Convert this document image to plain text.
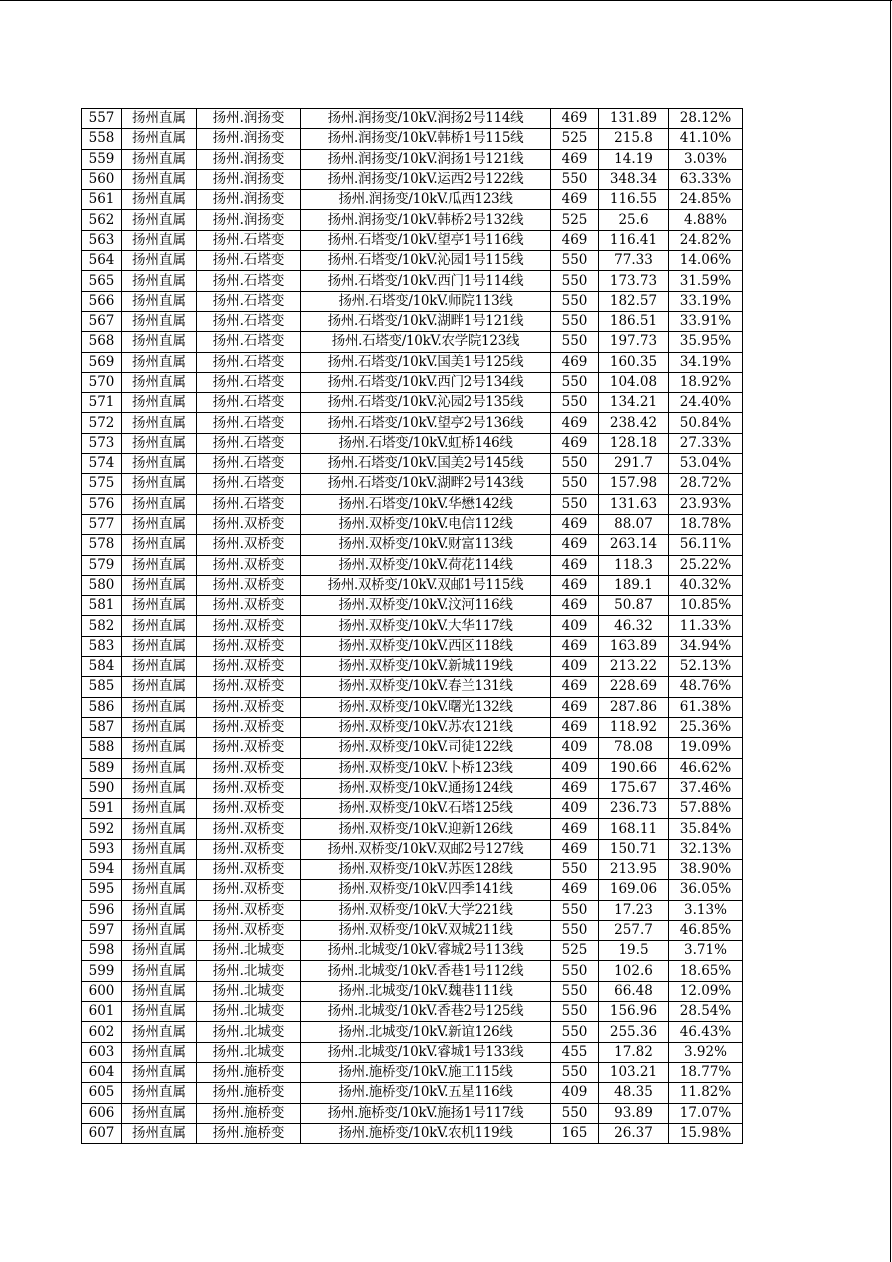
557	扬州直属	扬州.润扬变	扬州.润扬变/10kV.润扬2号114线	469	131.89	28.12%
558	扬州直属	扬州.润扬变	扬州.润扬变/10kV.韩桥1号115线	525	215.8	41.10%
559	扬州直属	扬州.润扬变	扬州.润扬变/10kV.润扬1号121线	469	14.19	3.03%
560	扬州直属	扬州.润扬变	扬州.润扬变/10kV.运西2号122线	550	348.34	63.33%
561	扬州直属	扬州.润扬变	扬州.润扬变/10kV.瓜西123线	469	116.55	24.85%
562	扬州直属	扬州.润扬变	扬州.润扬变/10kV.韩桥2号132线	525	25.6	4.88%
563	扬州直属	扬州.石塔变	扬州.石塔变/10kV.望亭1号116线	469	116.41	24.82%
564	扬州直属	扬州.石塔变	扬州.石塔变/10kV.沁园1号115线	550	77.33	14.06%
565	扬州直属	扬州.石塔变	扬州.石塔变/10kV.西门1号114线	550	173.73	31.59%
566	扬州直属	扬州.石塔变	扬州.石塔变/10kV.师院113线	550	182.57	33.19%
567	扬州直属	扬州.石塔变	扬州.石塔变/10kV.湖畔1号121线	550	186.51	33.91%
568	扬州直属	扬州.石塔变	扬州.石塔变/10kV.农学院123线	550	197.73	35.95%
569	扬州直属	扬州.石塔变	扬州.石塔变/10kV.国美1号125线	469	160.35	34.19%
570	扬州直属	扬州.石塔变	扬州.石塔变/10kV.西门2号134线	550	104.08	18.92%
571	扬州直属	扬州.石塔变	扬州.石塔变/10kV.沁园2号135线	550	134.21	24.40%
572	扬州直属	扬州.石塔变	扬州.石塔变/10kV.望亭2号136线	469	238.42	50.84%
573	扬州直属	扬州.石塔变	扬州.石塔变/10kV.虹桥146线	469	128.18	27.33%
574	扬州直属	扬州.石塔变	扬州.石塔变/10kV.国美2号145线	550	291.7	53.04%
575	扬州直属	扬州.石塔变	扬州.石塔变/10kV.湖畔2号143线	550	157.98	28.72%
576	扬州直属	扬州.石塔变	扬州.石塔变/10kV.华懋142线	550	131.63	23.93%
577	扬州直属	扬州.双桥变	扬州.双桥变/10kV.电信112线	469	88.07	18.78%
578	扬州直属	扬州.双桥变	扬州.双桥变/10kV.财富113线	469	263.14	56.11%
579	扬州直属	扬州.双桥变	扬州.双桥变/10kV.荷花114线	469	118.3	25.22%
580	扬州直属	扬州.双桥变	扬州.双桥变/10kV.双邮1号115线	469	189.1	40.32%
581	扬州直属	扬州.双桥变	扬州.双桥变/10kV.汶河116线	469	50.87	10.85%
582	扬州直属	扬州.双桥变	扬州.双桥变/10kV.大华117线	409	46.32	11.33%
583	扬州直属	扬州.双桥变	扬州.双桥变/10kV.西区118线	469	163.89	34.94%
584	扬州直属	扬州.双桥变	扬州.双桥变/10kV.新城119线	409	213.22	52.13%
585	扬州直属	扬州.双桥变	扬州.双桥变/10kV.春兰131线	469	228.69	48.76%
586	扬州直属	扬州.双桥变	扬州.双桥变/10kV.曙光132线	469	287.86	61.38%
587	扬州直属	扬州.双桥变	扬州.双桥变/10kV.苏农121线	469	118.92	25.36%
588	扬州直属	扬州.双桥变	扬州.双桥变/10kV.司徒122线	409	78.08	19.09%
589	扬州直属	扬州.双桥变	扬州.双桥变/10kV.卜桥123线	409	190.66	46.62%
590	扬州直属	扬州.双桥变	扬州.双桥变/10kV.通扬124线	469	175.67	37.46%
591	扬州直属	扬州.双桥变	扬州.双桥变/10kV.石塔125线	409	236.73	57.88%
592	扬州直属	扬州.双桥变	扬州.双桥变/10kV.迎新126线	469	168.11	35.84%
593	扬州直属	扬州.双桥变	扬州.双桥变/10kV.双邮2号127线	469	150.71	32.13%
594	扬州直属	扬州.双桥变	扬州.双桥变/10kV.苏医128线	550	213.95	38.90%
595	扬州直属	扬州.双桥变	扬州.双桥变/10kV.四季141线	469	169.06	36.05%
596	扬州直属	扬州.双桥变	扬州.双桥变/10kV.大学221线	550	17.23	3.13%
597	扬州直属	扬州.双桥变	扬州.双桥变/10kV.双城211线	550	257.7	46.85%
598	扬州直属	扬州.北城变	扬州.北城变/10kV.睿城2号113线	525	19.5	3.71%
599	扬州直属	扬州.北城变	扬州.北城变/10kV.香巷1号112线	550	102.6	18.65%
600	扬州直属	扬州.北城变	扬州.北城变/10kV.魏巷111线	550	66.48	12.09%
601	扬州直属	扬州.北城变	扬州.北城变/10kV.香巷2号125线	550	156.96	28.54%
602	扬州直属	扬州.北城变	扬州.北城变/10kV.新谊126线	550	255.36	46.43%
603	扬州直属	扬州.北城变	扬州.北城变/10kV.睿城1号133线	455	17.82	3.92%
604	扬州直属	扬州.施桥变	扬州.施桥变/10kV.施工115线	550	103.21	18.77%
605	扬州直属	扬州.施桥变	扬州.施桥变/10kV.五星116线	409	48.35	11.82%
606	扬州直属	扬州.施桥变	扬州.施桥变/10kV.施扬1号117线	550	93.89	17.07%
607	扬州直属	扬州.施桥变	扬州.施桥变/10kV.农机119线	165	26.37	15.98%
